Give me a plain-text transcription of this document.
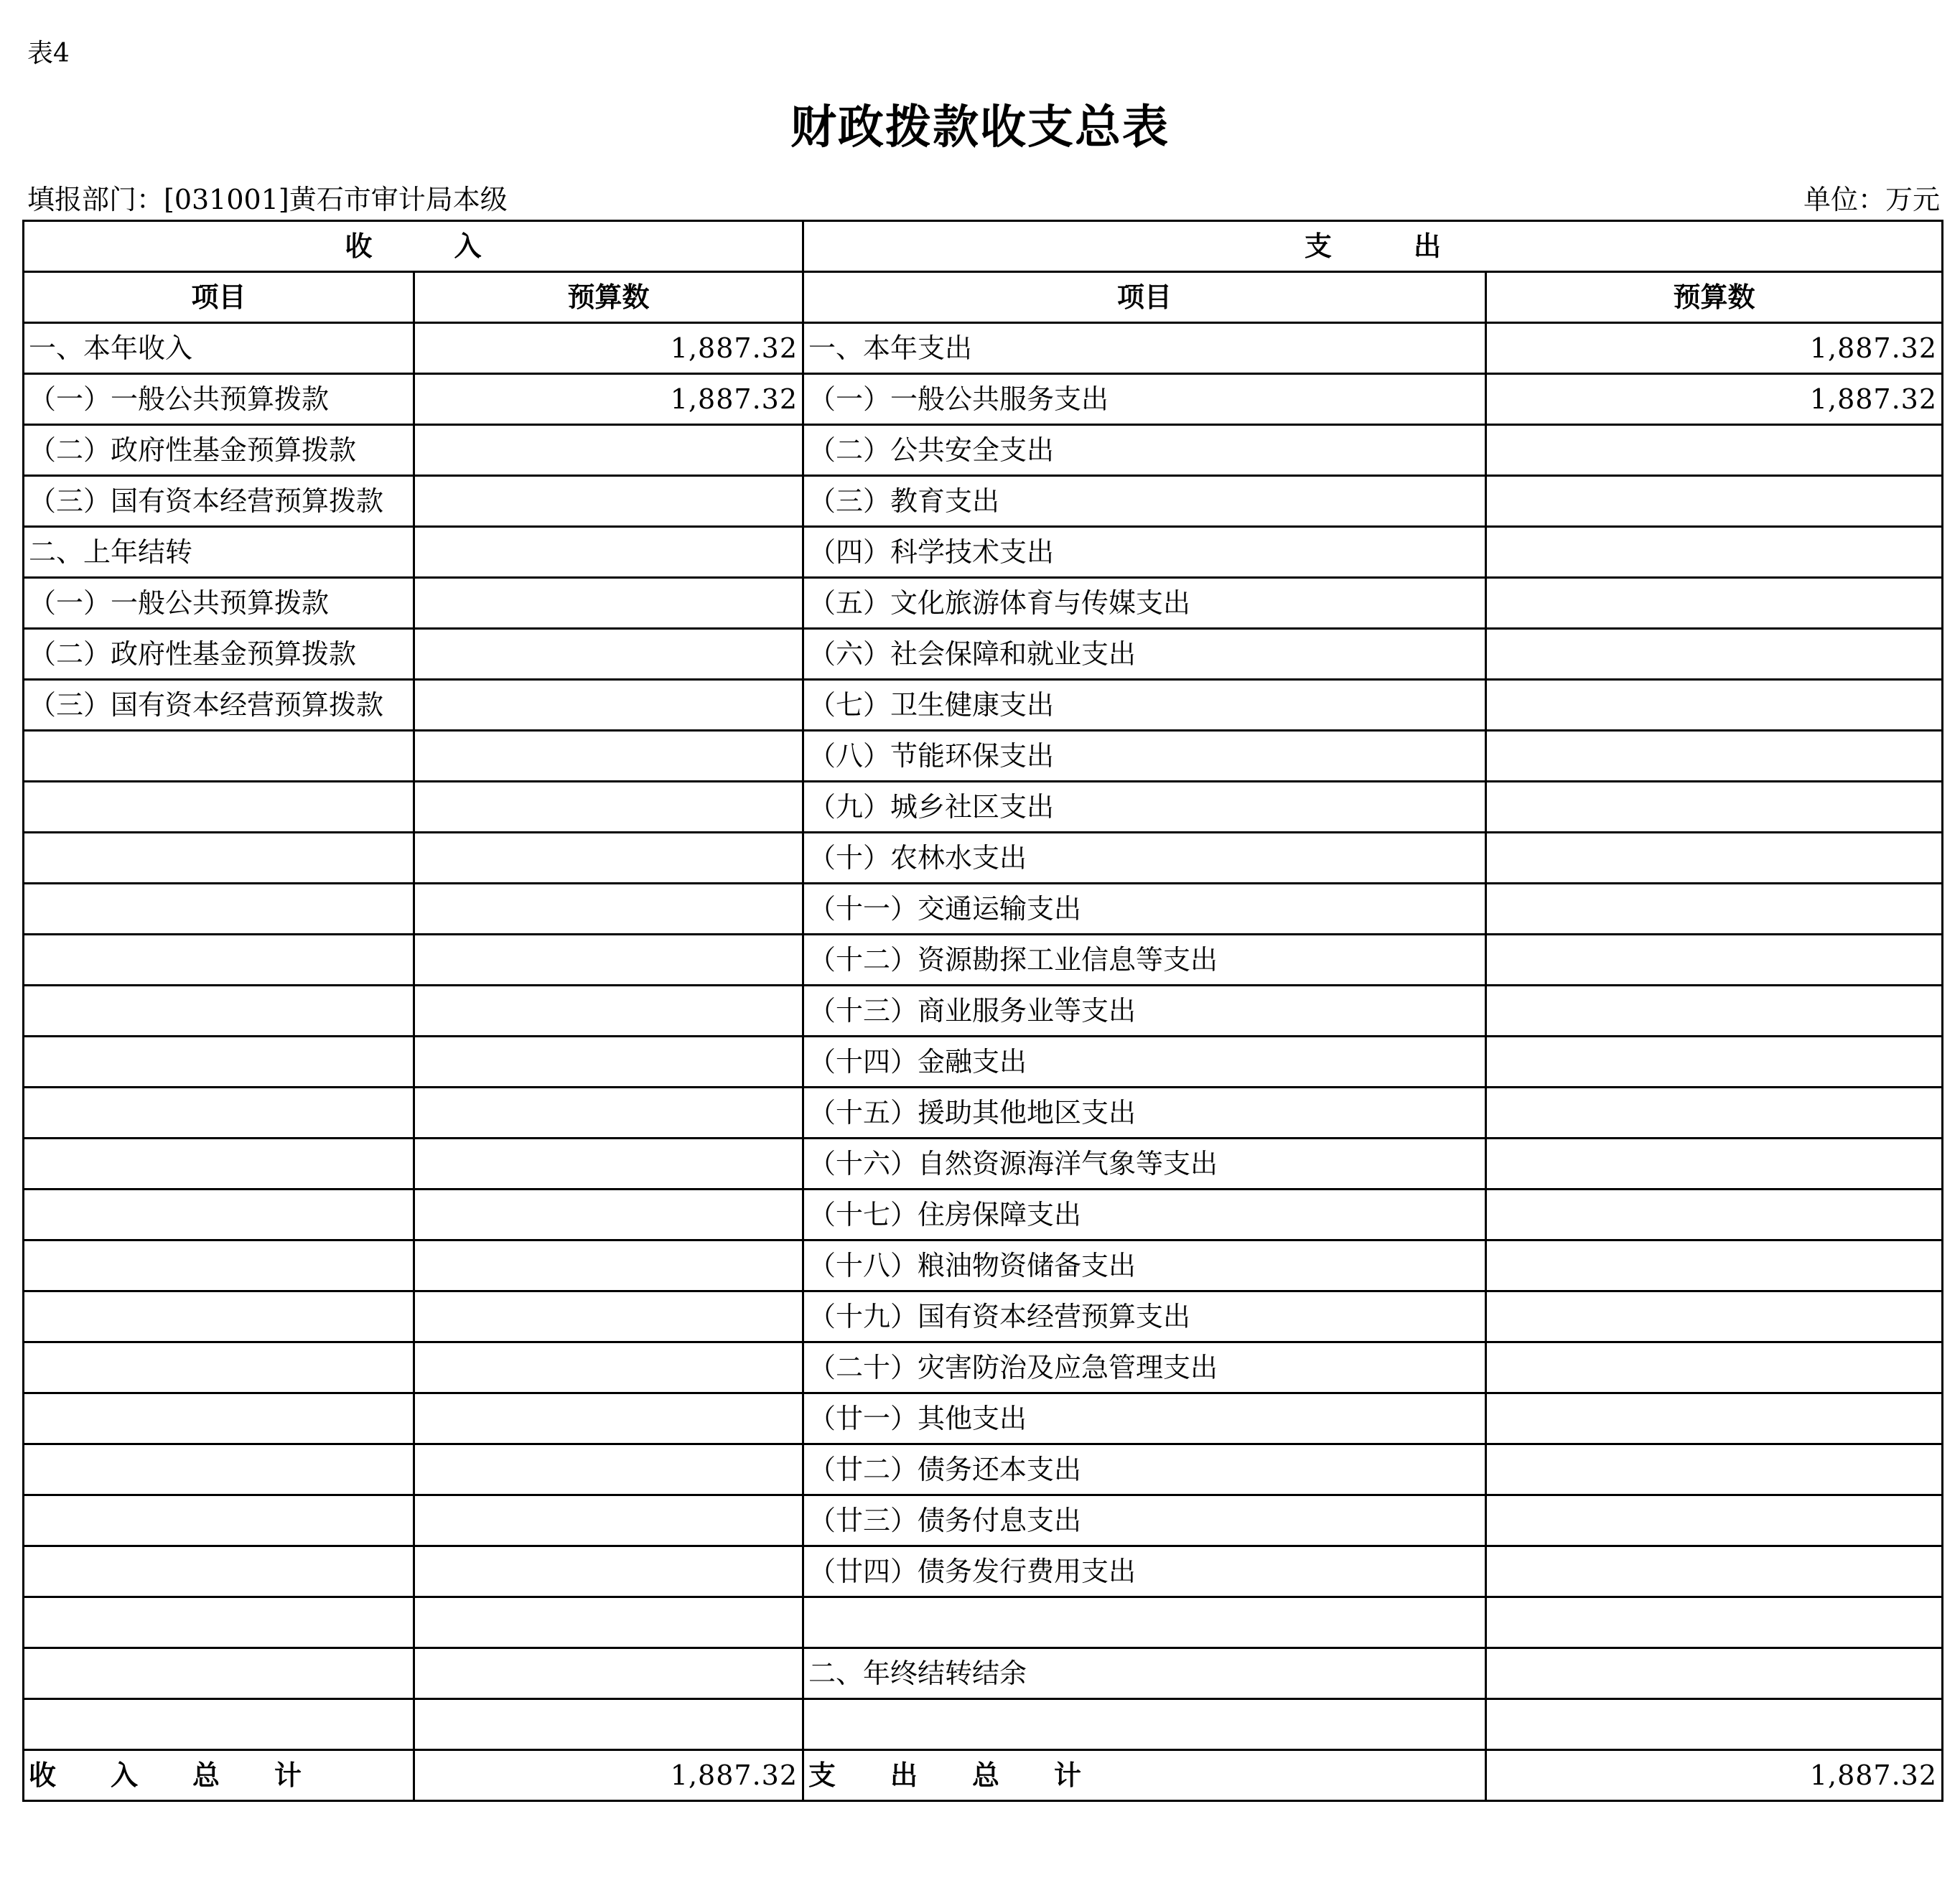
表4
财政拨款收支总表
填报部门：[031001]黄石市审计局本级	单位：万元
收　　　入		支　　　出	
项目	预算数	项目	预算数
一、本年收入	1,887.32	一、本年支出	1,887.32
（一）一般公共预算拨款	1,887.32	（一）一般公共服务支出	1,887.32
（二）政府性基金预算拨款		（二）公共安全支出	
（三）国有资本经营预算拨款		（三）教育支出	
二、上年结转		（四）科学技术支出	
（一）一般公共预算拨款		（五）文化旅游体育与传媒支出	
（二）政府性基金预算拨款		（六）社会保障和就业支出	
（三）国有资本经营预算拨款		（七）卫生健康支出	
		（八）节能环保支出	
		（九）城乡社区支出	
		（十）农林水支出	
		（十一）交通运输支出	
		（十二）资源勘探工业信息等支出	
		（十三）商业服务业等支出	
		（十四）金融支出	
		（十五）援助其他地区支出	
		（十六）自然资源海洋气象等支出	
		（十七）住房保障支出	
		（十八）粮油物资储备支出	
		（十九）国有资本经营预算支出	
		（二十）灾害防治及应急管理支出	
		（廿一）其他支出	
		（廿二）债务还本支出	
		（廿三）债务付息支出	
		（廿四）债务发行费用支出	

		二、年终结转结余	

收　　入　　总　　计	1,887.32	支　　出　　总　　计	1,887.32
